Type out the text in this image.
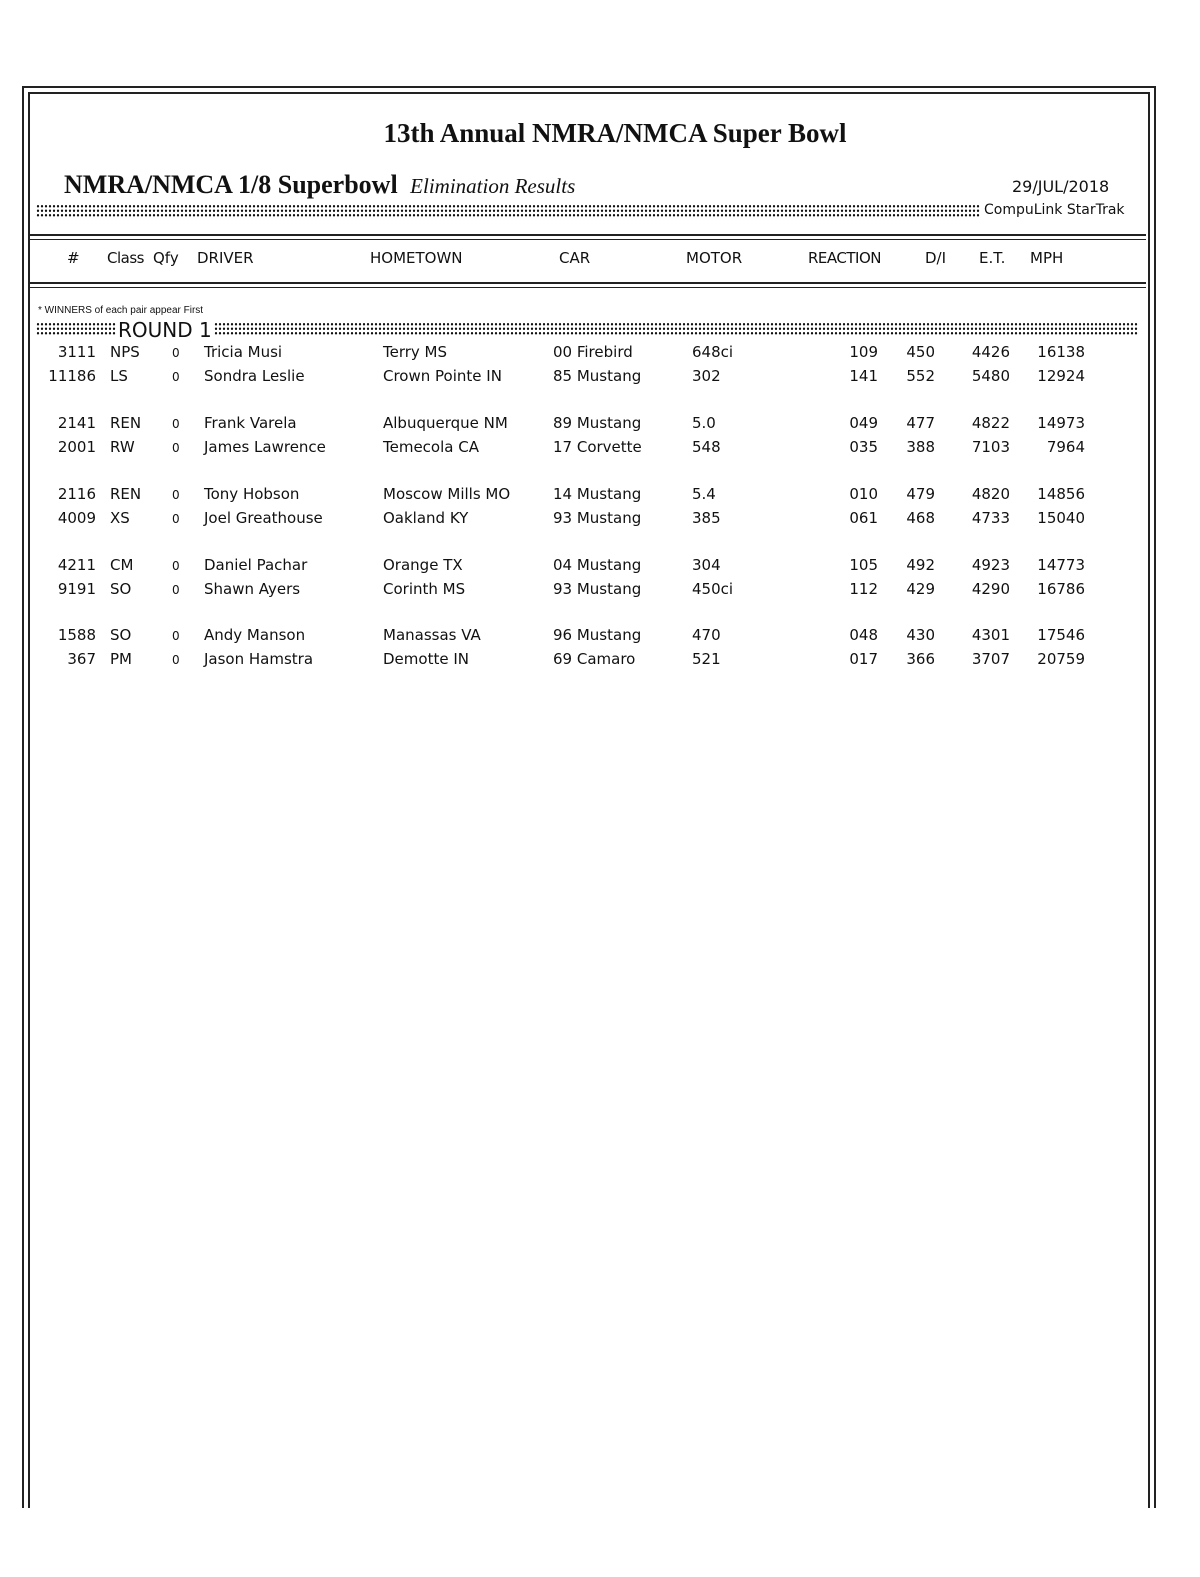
13th Annual NMRA/NMCA Super Bowl
NMRA/NMCA 1/8 Superbowl Elimination Results	29/JUL/2018
CompuLink StarTrak
# Class Qfy DRIVER	HOMETOWN	CAR	MOTOR	REACTION	D/I E.T. MPH
* WINNERS of each pair appear First
ROUND 1
3111 NPS	0 Tricia Musi	Terry MS	00 Firebird	648ci	109 450 4426 16138
11186 LS	0 Sondra Leslie	Crown Pointe IN	85 Mustang	302	141 552 5480 12924
2141 REN	0 Frank Varela	Albuquerque NM	89 Mustang	5.0	049 477 4822 14973
2001 RW	0 James Lawrence	Temecola CA	17 Corvette	548	035 388 7103 7964
2116 REN	0 Tony Hobson	Moscow Mills MO	14 Mustang	5.4	010 479 4820 14856
4009 XS	0 Joel Greathouse	Oakland KY	93 Mustang	385	061 468 4733 15040
4211 CM	0 Daniel Pachar	Orange TX	04 Mustang	304	105 492 4923 14773
9191 SO	0 Shawn Ayers	Corinth MS	93 Mustang	450ci	112 429 4290 16786
1588 SO	0 Andy Manson	Manassas VA	96 Mustang	470	048 430 4301 17546
367 PM	0 Jason Hamstra	Demotte IN	69 Camaro	521	017 366 3707 20759
